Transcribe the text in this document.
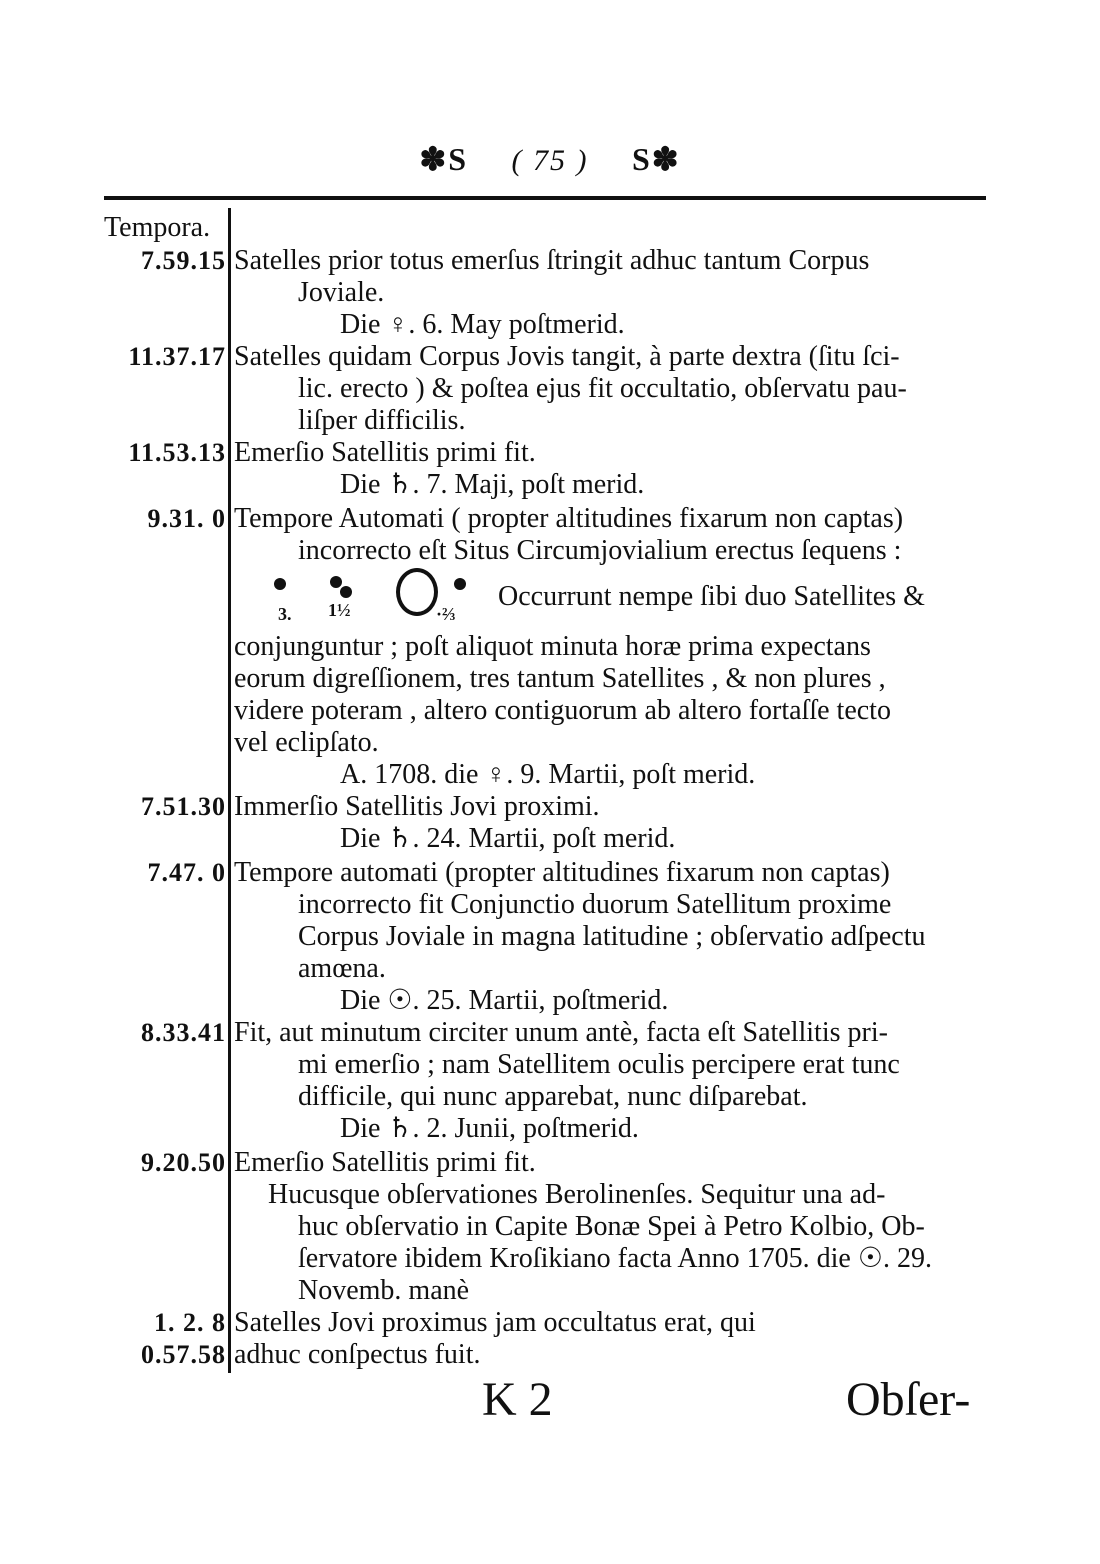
✽S ( 75 ) S✽
Tempora.
7.59.15 Satelles prior totus emerſus ſtringit adhuc tantum Corpus
Joviale.
Die ♀. 6. May poſtmerid.
11.37.17 Satelles quidam Corpus Jovis tangit, à parte dextra (ſitu ſci-
lic. erecto ) & poſtea ejus fit occultatio, obſervatu pau-
liſper difficilis.
11.53.13 Emerſio Satellitis primi fit.
Die ♄. 7. Maji, poſt merid.
9.31. 0 Tempore Automati ( propter altitudines fixarum non captas)
incorrecto eſt Situs Circumjovialium erectus ſequens :
3. 1½	·⅔
Occurrunt nempe ſibi duo Satellites &
conjunguntur ; poſt aliquot minuta horæ prima expectans
eorum digreſſionem, tres tantum Satellites , & non plures ,
videre poteram , altero contiguorum ab altero fortaſſe tecto
vel eclipſato.
A. 1708. die ♀. 9. Martii, poſt merid.
7.51.30 Immerſio Satellitis Jovi proximi.
Die ♄. 24. Martii, poſt merid.
7.47. 0 Tempore automati (propter altitudines fixarum non captas)
incorrecto fit Conjunctio duorum Satellitum proxime
Corpus Joviale in magna latitudine ; obſervatio adſpectu
amœna.
Die ☉. 25. Martii, poſtmerid.
8.33.41 Fit, aut minutum circiter unum antè, facta eſt Satellitis pri-
mi emerſio ; nam Satellitem oculis percipere erat tunc
difficile, qui nunc apparebat, nunc diſparebat.
Die ♄. 2. Junii, poſtmerid.
9.20.50 Emerſio Satellitis primi fit.
Hucusque obſervationes Berolinenſes. Sequitur una ad-
huc obſervatio in Capite Bonæ Spei à Petro Kolbio, Ob-
ſervatore ibidem Kroſikiano facta Anno 1705. die ☉. 29.
Novemb. manè
1. 2. 8 Satelles Jovi proximus jam occultatus erat, qui
0.57.58 adhuc conſpectus fuit.
K 2	Obſer-
